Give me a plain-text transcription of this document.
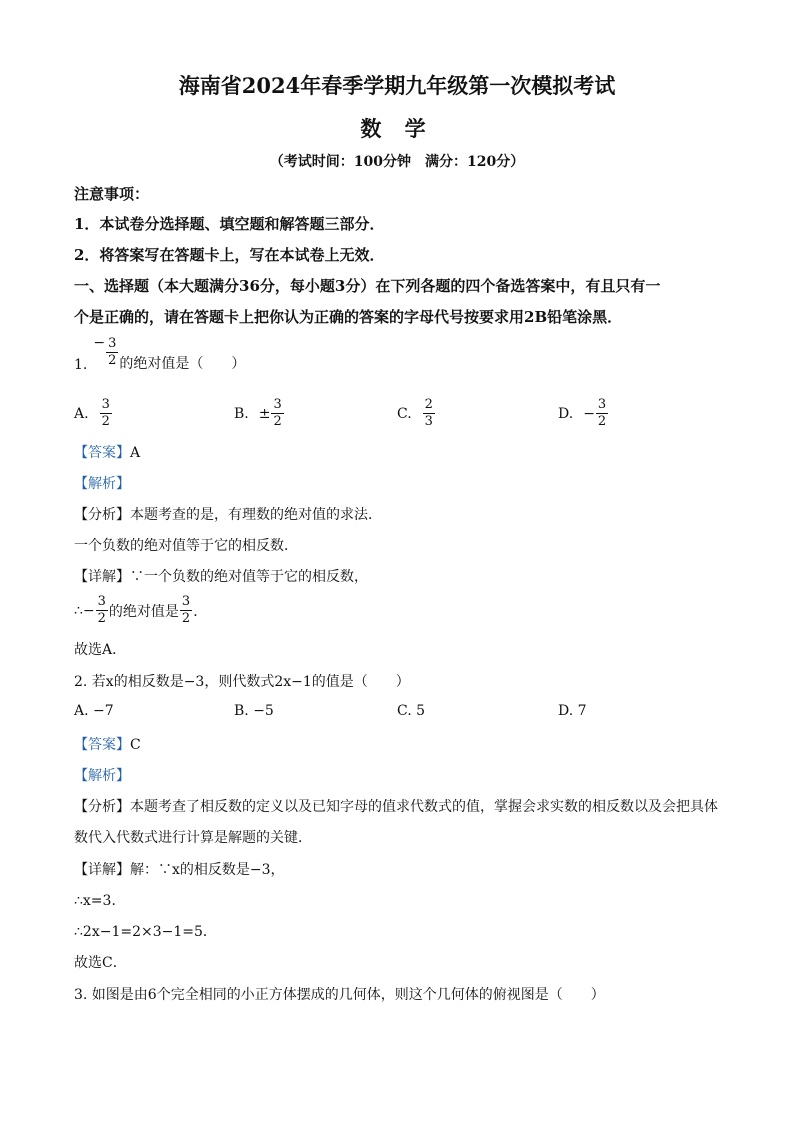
海南省2024年春季学期九年级第一次模拟考试
数 学
（考试时间：100分钟　满分：120分）
注意事项：
1．本试卷分选择题、填空题和解答题三部分．
2．将答案写在答题卡上，写在本试卷上无效．
一、选择题（本大题满分36分，每小题3分）在下列各题的四个备选答案中，有且只有一
个是正确的，请在答题卡上把你认为正确的答案的字母代号按要求用2B铅笔涂黑．
1.
− $\frac{3}{2}$ 的绝对值是（　　）
A. $\frac{3}{2}$	B. ± $\frac{3}{2}$	C. $\frac{2}{3}$	D. − $\frac{3}{2}$
【答案】A
【解析】
【分析】本题考查的是，有理数的绝对值的求法．
一个负数的绝对值等于它的相反数．
【详解】∵一个负数的绝对值等于它的相反数，
∴− $\frac{3}{2}$ 的绝对值是 $\frac{3}{2}$ ．
故选A．
2. 若x的相反数是−3，则代数式2x−1的值是（　　）
A. −7	B. −5	C. 5	D. 7
【答案】C
【解析】
【分析】本题考查了相反数的定义以及已知字母的值求代数式的值，掌握会求实数的相反数以及会把具体
数代入代数式进行计算是解题的关键．
【详解】解：∵x的相反数是−3，
∴x=3．
∴2x−1=2×3−1=5．
故选C．
3. 如图是由6个完全相同的小正方体摆成的几何体，则这个几何体的俯视图是（　　）
